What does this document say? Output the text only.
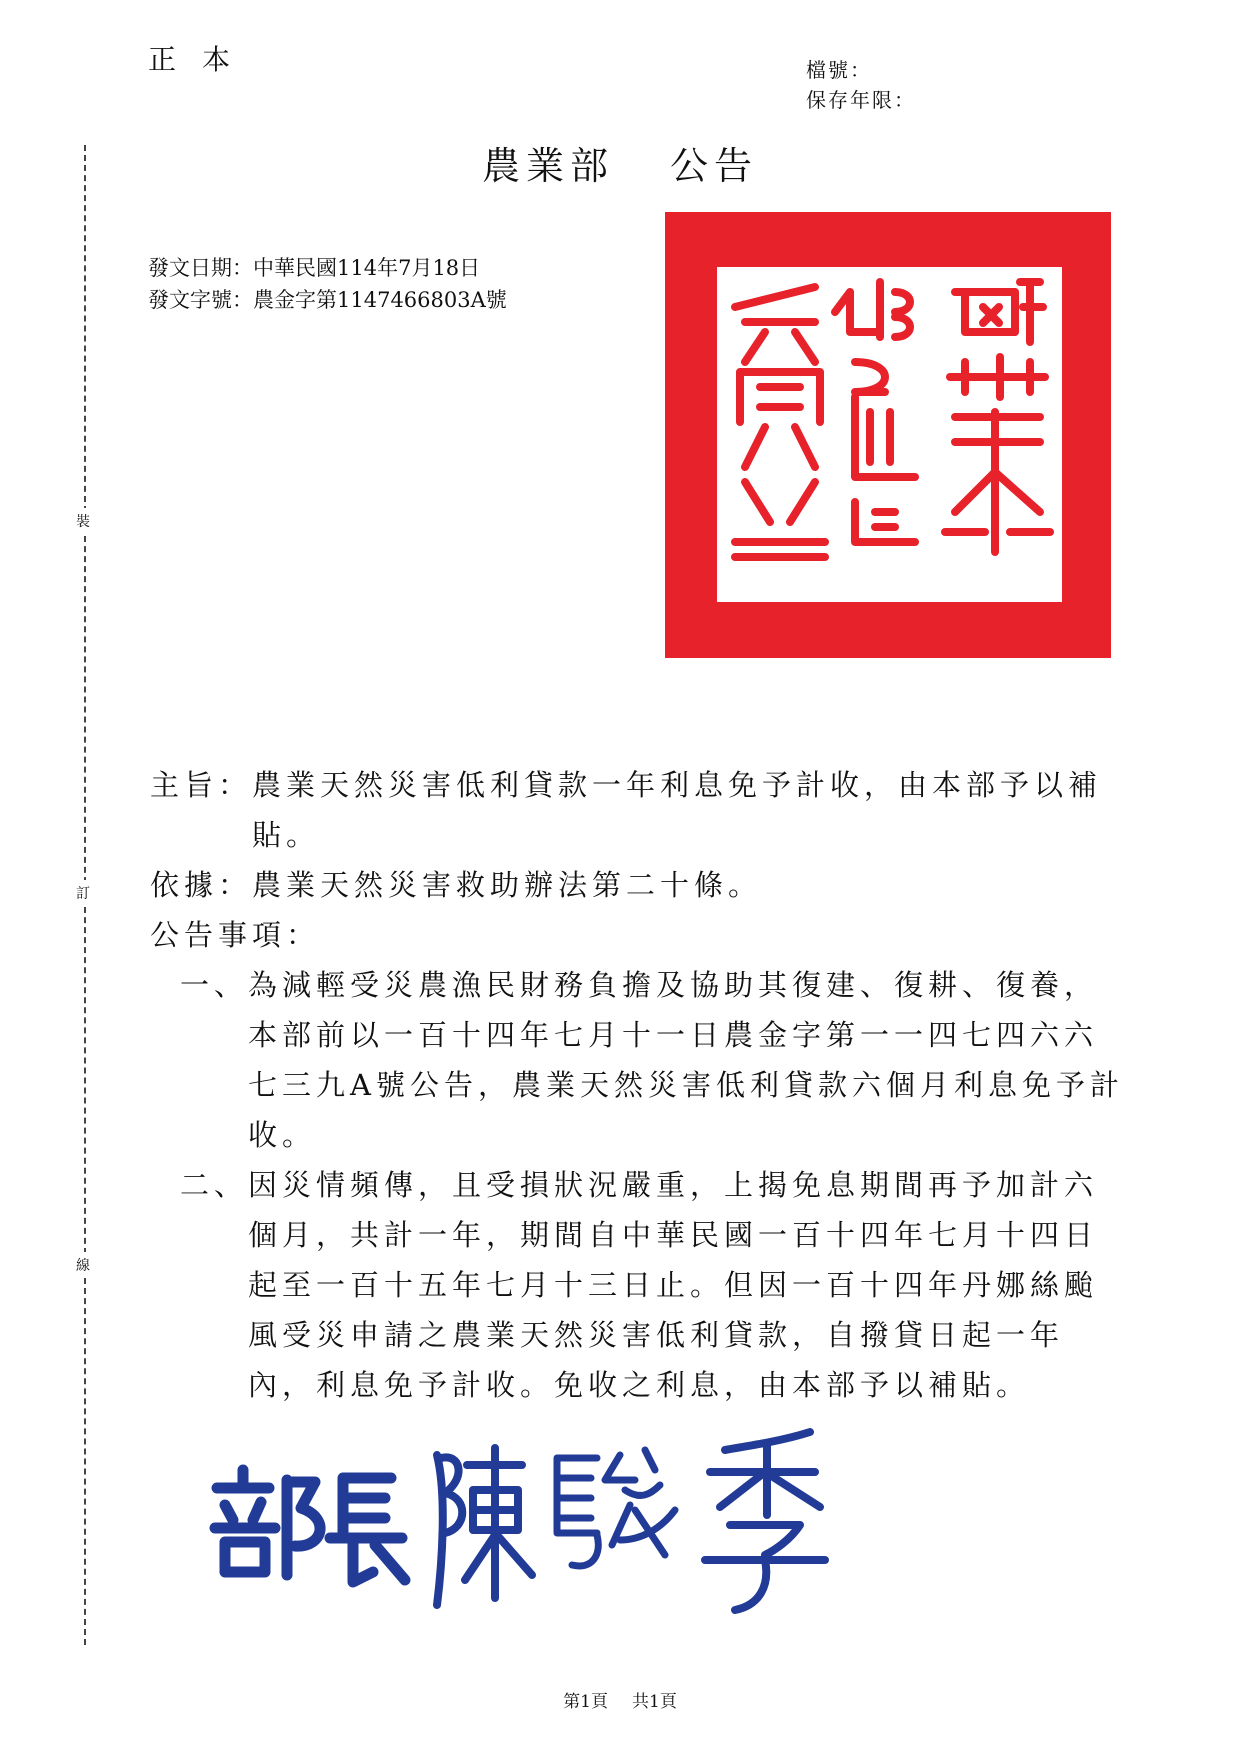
正本	檔號：
保存年限：
裝
訂
線
農業部 公告
發文日期：中華民國114年7月18日
發文字號：農金字第1147466803A號
主旨： 農業天然災害低利貸款一年利息免予計收，由本部予以補貼。
依據： 農業天然災害救助辦法第二十條。
公告事項：
一、 為減輕受災農漁民財務負擔及協助其復建、復耕、復養，本部前以一百十四年七月十一日農金字第一一四七四六六七三九A號公告，農業天然災害低利貸款六個月利息免予計收。
二、 因災情頻傳，且受損狀況嚴重，上揭免息期間再予加計六個月，共計一年，期間自中華民國一百十四年七月十四日起至一百十五年七月十三日止。但因一百十四年丹娜絲颱風受災申請之農業天然災害低利貸款，自撥貸日起一年內，利息免予計收。免收之利息，由本部予以補貼。
第1頁 共1頁
